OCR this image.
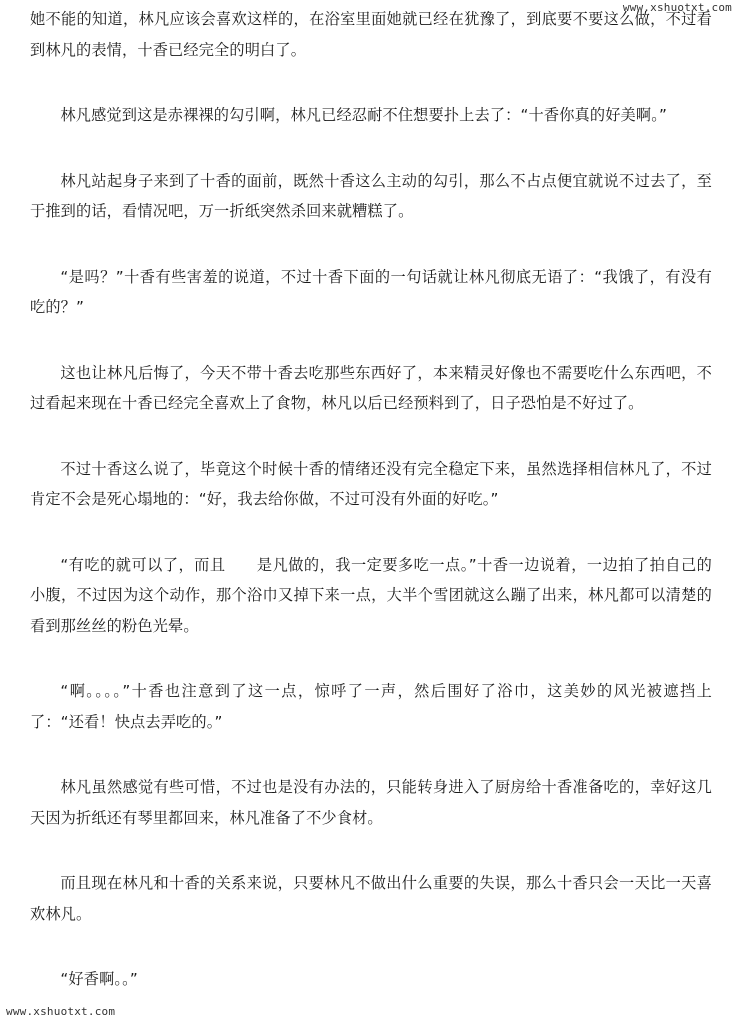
www.xshuotxt.com

她不能的知道，林凡应该会喜欢这样的，在浴室里面她就已经在犹豫了，到底要不要这么做，不过看到林凡的表情，十香已经完全的明白了。

林凡感觉到这是赤裸裸的勾引啊，林凡已经忍耐不住想要扑上去了：“十香你真的好美啊。”

林凡站起身子来到了十香的面前，既然十香这么主动的勾引，那么不占点便宜就说不过去了，至于推到的话，看情况吧，万一折纸突然杀回来就糟糕了。

“是吗？”十香有些害羞的说道，不过十香下面的一句话就让林凡彻底无语了：“我饿了，有没有吃的？”

这也让林凡后悔了，今天不带十香去吃那些东西好了，本来精灵好像也不需要吃什么东西吧，不过看起来现在十香已经完全喜欢上了食物，林凡以后已经预料到了，日子恐怕是不好过了。

不过十香这么说了，毕竟这个时候十香的情绪还没有完全稳定下来，虽然选择相信林凡了，不过肯定不会是死心塌地的：“好，我去给你做，不过可没有外面的好吃。”

“有吃的就可以了，而且　　是凡做的，我一定要多吃一点。”十香一边说着，一边拍了拍自己的小腹，不过因为这个动作，那个浴巾又掉下来一点，大半个雪团就这么蹦了出来，林凡都可以清楚的看到那丝丝的粉色光晕。

“啊。。。。”十香也注意到了这一点，惊呼了一声，然后围好了浴巾，这美妙的风光被遮挡上了：“还看！快点去弄吃的。”

林凡虽然感觉有些可惜，不过也是没有办法的，只能转身进入了厨房给十香准备吃的，幸好这几天因为折纸还有琴里都回来，林凡准备了不少食材。

而且现在林凡和十香的关系来说，只要林凡不做出什么重要的失误，那么十香只会一天比一天喜欢林凡。

“好香啊。。”

www.xshuotxt.com
